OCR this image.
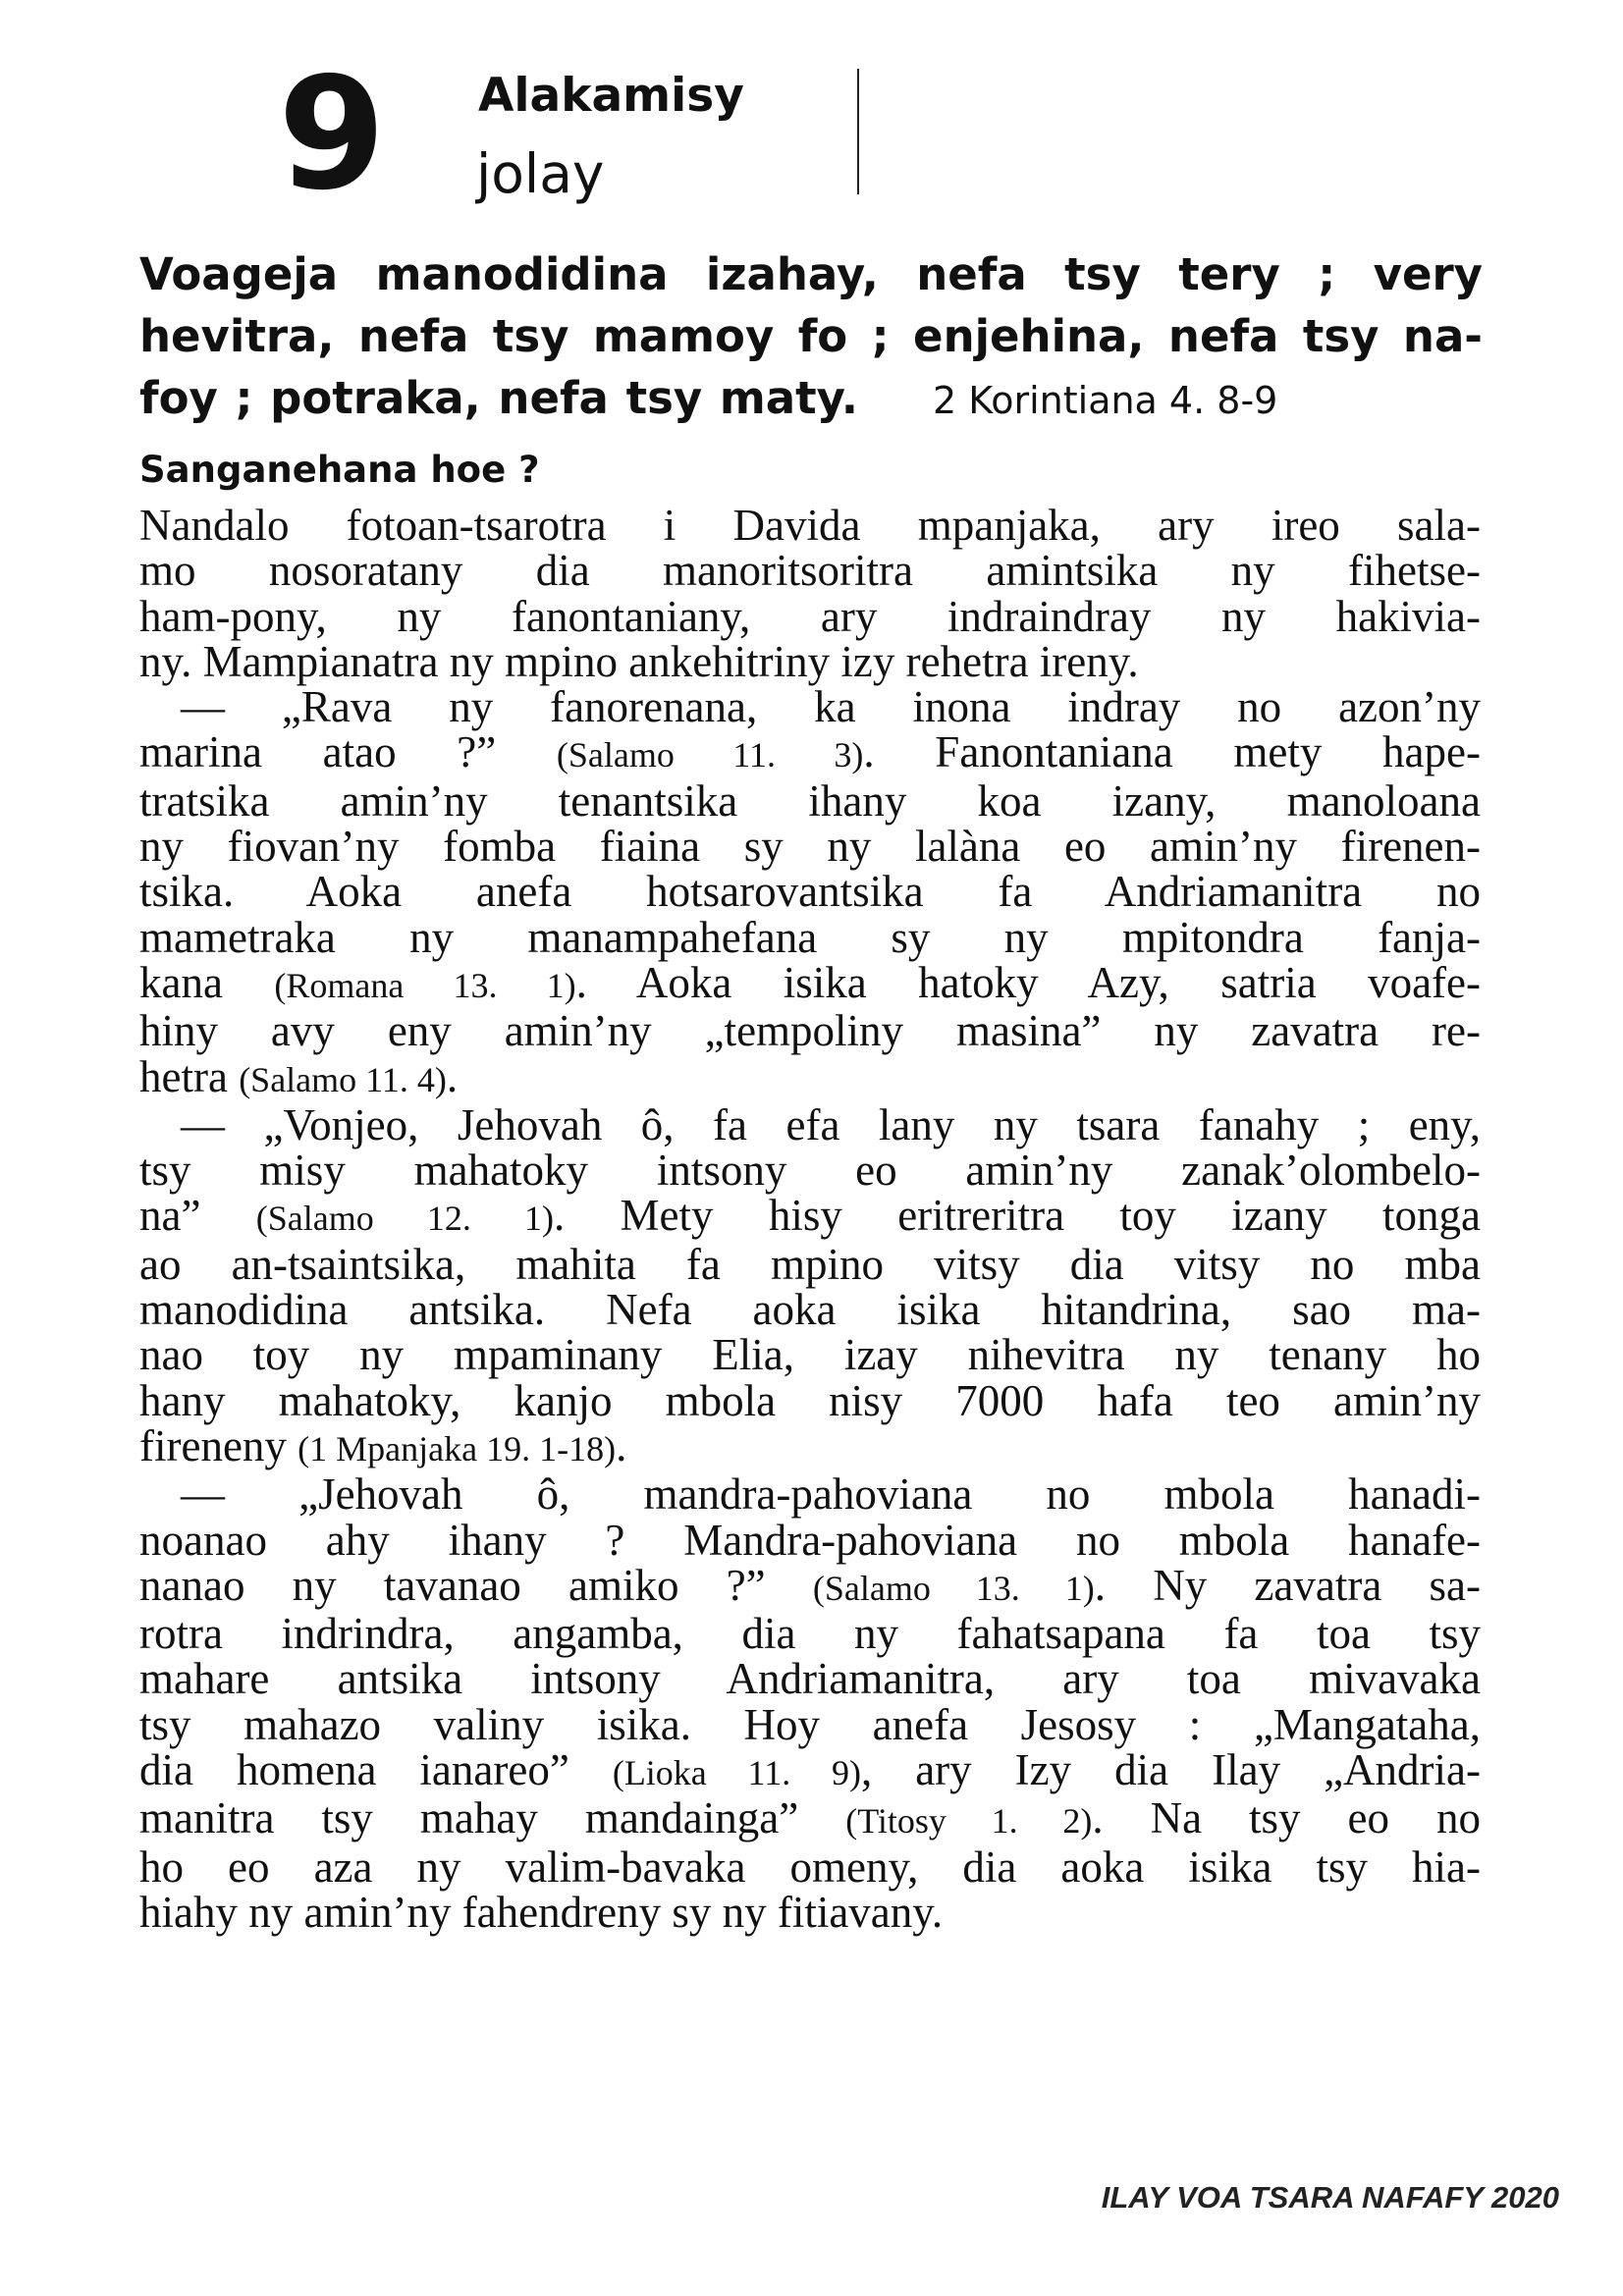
9 Alakamisy
jolay
Voageja manodidina izahay, nefa tsy tery ; very
hevitra, nefa tsy mamoy fo ; enjehina, nefa tsy na-
foy ; potraka, nefa tsy maty. 2 Korintiana 4. 8-9
Sanganehana hoe ?
Nandalo fotoan-tsarotra i Davida mpanjaka, ary ireo sala-
mo nosoratany dia manoritsoritra amintsika ny fihetse-
ham-pony, ny fanontaniany, ary indraindray ny hakivia-
ny. Mampianatra ny mpino ankehitriny izy rehetra ireny.
— „Rava ny fanorenana, ka inona indray no azon’ny
marina atao ?” (Salamo 11. 3). Fanontaniana mety hape-
tratsika amin’ny tenantsika ihany koa izany, manoloana
ny fiovan’ny fomba fiaina sy ny lalàna eo amin’ny firenen-
tsika. Aoka anefa hotsarovantsika fa Andriamanitra no
mametraka ny manampahefana sy ny mpitondra fanja-
kana (Romana 13. 1). Aoka isika hatoky Azy, satria voafe-
hiny avy eny amin’ny „tempoliny masina” ny zavatra re-
hetra (Salamo 11. 4).
— „Vonjeo, Jehovah ô, fa efa lany ny tsara fanahy ; eny,
tsy misy mahatoky intsony eo amin’ny zanak’olombelo-
na” (Salamo 12. 1). Mety hisy eritreritra toy izany tonga
ao an-tsaintsika, mahita fa mpino vitsy dia vitsy no mba
manodidina antsika. Nefa aoka isika hitandrina, sao ma-
nao toy ny mpaminany Elia, izay nihevitra ny tenany ho
hany mahatoky, kanjo mbola nisy 7000 hafa teo amin’ny
fireneny (1 Mpanjaka 19. 1-18).
— „Jehovah ô, mandra-pahoviana no mbola hanadi-
noanao ahy ihany ? Mandra-pahoviana no mbola hanafe-
nanao ny tavanao amiko ?” (Salamo 13. 1). Ny zavatra sa-
rotra indrindra, angamba, dia ny fahatsapana fa toa tsy
mahare antsika intsony Andriamanitra, ary toa mivavaka
tsy mahazo valiny isika. Hoy anefa Jesosy : „Mangataha,
dia homena ianareo” (Lioka 11. 9), ary Izy dia Ilay „Andria-
manitra tsy mahay mandainga” (Titosy 1. 2). Na tsy eo no
ho eo aza ny valim-bavaka omeny, dia aoka isika tsy hia-
hiahy ny amin’ny fahendreny sy ny fitiavany.
ILAY VOA TSARA NAFAFY 2020
